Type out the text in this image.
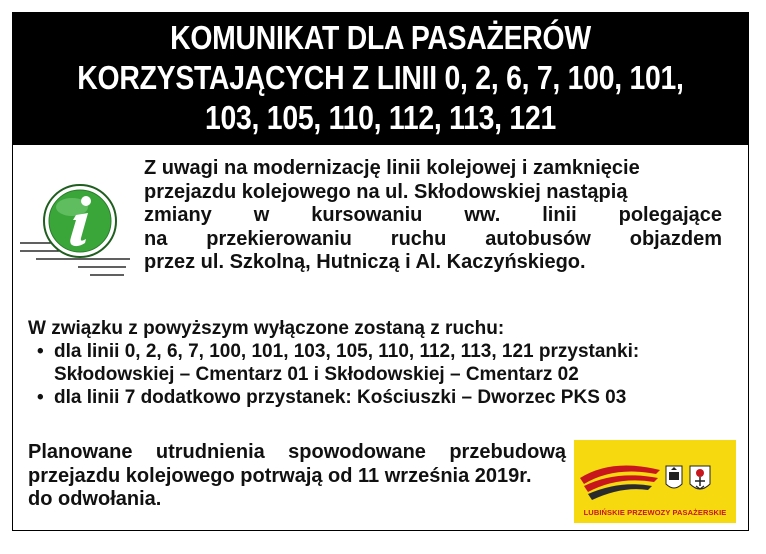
KOMUNIKAT DLA PASAŻERÓW
KORZYSTAJĄCYCH Z LINII 0, 2, 6, 7, 100, 101,
103, 105, 110, 112, 113, 121
i
Z uwagi na modernizację linii kolejowej i zamknięcie
przejazdu kolejowego na ul. Skłodowskiej nastąpią
zmiany w kursowaniu ww. linii polegające
na przekierowaniu ruchu autobusów objazdem
przez ul. Szkolną, Hutniczą i Al. Kaczyńskiego.
W związku z powyższym wyłączone zostaną z ruchu:
• dla linii 0, 2, 6, 7, 100, 101, 103, 105, 110, 112, 113, 121 przystanki:
Skłodowskiej – Cmentarz 01 i Skłodowskiej – Cmentarz 02
• dla linii 7 dodatkowo przystanek: Kościuszki – Dworzec PKS 03
Planowane utrudnienia spowodowane przebudową
przejazdu kolejowego potrwają od 11 września 2019r.
do odwołania.
LUBIŃSKIE PRZEWOZY PASAŻERSKIE
